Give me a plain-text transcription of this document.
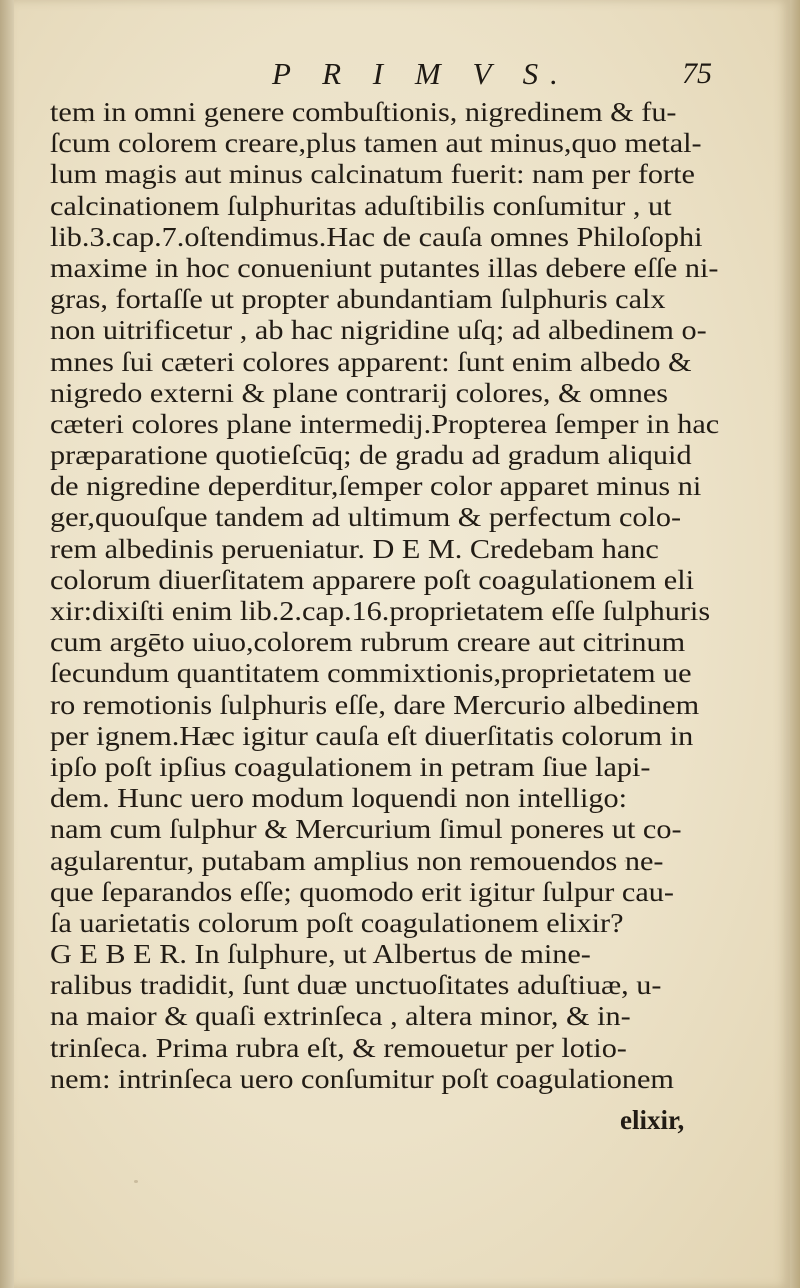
P R I M V S.	75
tem in omni genere combuſtionis, nigredinem & fu-
ſcum colorem creare,plus tamen aut minus,quo metal-
lum magis aut minus calcinatum fuerit: nam per forte
calcinationem ſulphuritas aduſtibilis conſumitur , ut
lib.3.cap.7.oſtendimus.Hac de cauſa omnes Philoſophi
maxime in hoc conueniunt putantes illas debere eſſe ni-
gras, fortaſſe ut propter abundantiam ſulphuris calx
non uitrificetur , ab hac nigridine uſq; ad albedinem o-
mnes ſui cæteri colores apparent: ſunt enim albedo &
nigredo externi & plane contrarij colores, & omnes
cæteri colores plane intermedij.Propterea ſemper in hac
præparatione quotieſcūq; de gradu ad gradum aliquid
de nigredine deperditur,ſemper color apparet minus ni
ger,quouſque tandem ad ultimum & perfectum colo-
rem albedinis perueniatur. D E M. Credebam hanc
colorum diuerſitatem apparere poſt coagulationem eli
xir:dixiſti enim lib.2.cap.16.proprietatem eſſe ſulphuris
cum argēto uiuo,colorem rubrum creare aut citrinum
ſecundum quantitatem commixtionis,proprietatem ue
ro remotionis ſulphuris eſſe, dare Mercurio albedinem
per ignem.Hæc igitur cauſa eſt diuerſitatis colorum in
ipſo poſt ipſius coagulationem in petram ſiue lapi-
dem. Hunc uero modum loquendi non intelligo:
nam cum ſulphur & Mercurium ſimul poneres ut co-
agularentur, putabam amplius non remouendos ne-
que ſeparandos eſſe; quomodo erit igitur ſulpur cau-
ſa uarietatis colorum poſt coagulationem elixir?
G E B E R. In ſulphure, ut Albertus de mine-
ralibus tradidit, ſunt duæ unctuoſitates aduſtiuæ, u-
na maior & quaſi extrinſeca , altera minor, & in-
trinſeca. Prima rubra eſt, & remouetur per lotio-
nem: intrinſeca uero conſumitur poſt coagulationem
elixir,
